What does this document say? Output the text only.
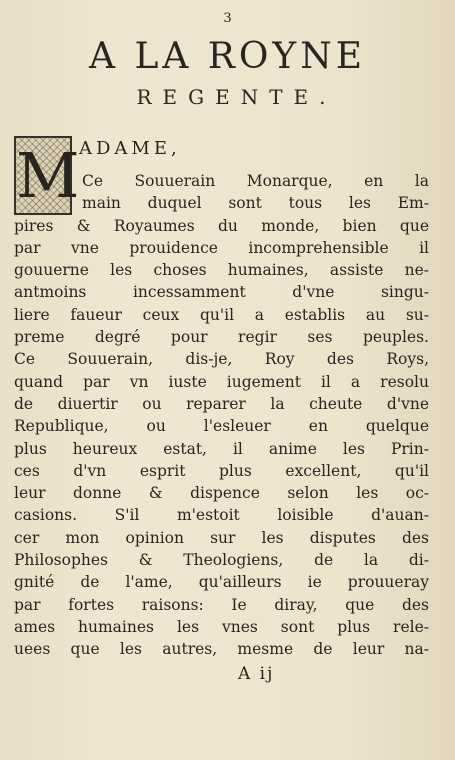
3
A LA ROYNE
REGENTE.
M ADAME,
Ce Souuerain Monarque, en la
main duquel sont tous les Em-
pires & Royaumes du monde, bien que
par vne prouidence incomprehensible il
gouuerne les choses humaines, assiste ne-
antmoins incessamment d'vne singu-
liere faueur ceux qu'il a establis au su-
preme degré pour regir ses peuples.
Ce Souuerain, dis-je, Roy des Roys,
quand par vn iuste iugement il a resolu
de diuertir ou reparer la cheute d'vne
Republique, ou l'esleuer en quelque
plus heureux estat, il anime les Prin-
ces d'vn esprit plus excellent, qu'il
leur donne & dispence selon les oc-
casions. S'il m'estoit loisible d'auan-
cer mon opinion sur les disputes des
Philosophes & Theologiens, de la di-
gnité de l'ame, qu'ailleurs ie prouueray
par fortes raisons: Ie diray, que des
ames humaines les vnes sont plus rele-
uees que les autres, mesme de leur na-
A ij
